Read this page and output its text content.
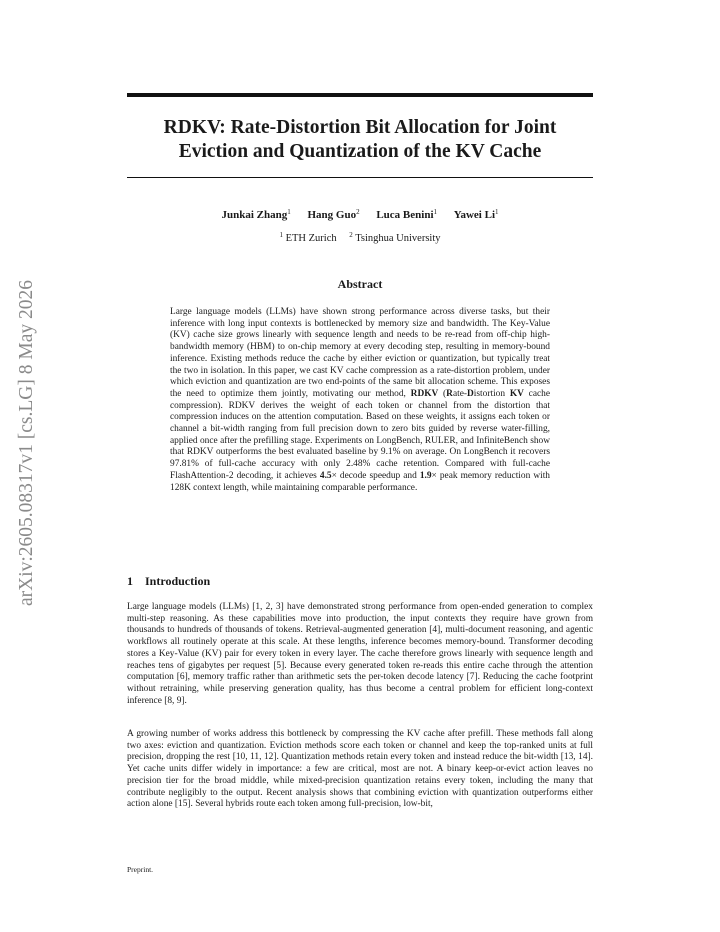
arXiv:2605.08317v1 [cs.LG] 8 May 2026
RDKV: Rate-Distortion Bit Allocation for Joint Eviction and Quantization of the KV Cache
Junkai Zhang$^1$ Hang Guo$^2$ Luca Benini$^1$ Yawei Li$^1$
$^1$ ETH Zurich $^2$ Tsinghua University
Abstract
Large language models (LLMs) have shown strong performance across diverse tasks, but their inference with long input contexts is bottlenecked by memory size and bandwidth. The Key-Value (KV) cache size grows linearly with sequence length and needs to be re-read from off-chip high-bandwidth memory (HBM) to on-chip memory at every decoding step, resulting in memory-bound inference. Existing methods reduce the cache by either eviction or quantization, but typically treat the two in isolation. In this paper, we cast KV cache compression as a rate-distortion problem, under which eviction and quantization are two end-points of the same bit allocation scheme. This exposes the need to optimize them jointly, motivating our method, RDKV (Rate-Distortion KV cache compression). RDKV derives the weight of each token or channel from the distortion that compression induces on the attention computation. Based on these weights, it assigns each token or channel a bit-width ranging from full precision down to zero bits guided by reverse water-filling, applied once after the prefilling stage. Experiments on LongBench, RULER, and InfiniteBench show that RDKV outperforms the best evaluated baseline by 9.1% on average. On LongBench it recovers 97.81% of full-cache accuracy with only 2.48% cache retention. Compared with full-cache FlashAttention-2 decoding, it achieves 4.5× decode speedup and 1.9× peak memory reduction with 128K context length, while maintaining comparable performance.
1 Introduction
Large language models (LLMs) [1, 2, 3] have demonstrated strong performance from open-ended generation to complex multi-step reasoning. As these capabilities move into production, the input contexts they require have grown from thousands to hundreds of thousands of tokens. Retrieval-augmented generation [4], multi-document reasoning, and agentic workflows all routinely operate at this scale. At these lengths, inference becomes memory-bound. Transformer decoding stores a Key-Value (KV) pair for every token in every layer. The cache therefore grows linearly with sequence length and reaches tens of gigabytes per request [5]. Because every generated token re-reads this entire cache through the attention computation [6], memory traffic rather than arithmetic sets the per-token decode latency [7]. Reducing the cache footprint without retraining, while preserving generation quality, has thus become a central problem for efficient long-context inference [8, 9].
A growing number of works address this bottleneck by compressing the KV cache after prefill. These methods fall along two axes: eviction and quantization. Eviction methods score each token or channel and keep the top-ranked units at full precision, dropping the rest [10, 11, 12]. Quantization methods retain every token and instead reduce the bit-width [13, 14]. Yet cache units differ widely in importance: a few are critical, most are not. A binary keep-or-evict action leaves no precision tier for the broad middle, while mixed-precision quantization retains every token, including the many that contribute negligibly to the output. Recent analysis shows that combining eviction with quantization outperforms either action alone [15]. Several hybrids route each token among full-precision, low-bit,
Preprint.
